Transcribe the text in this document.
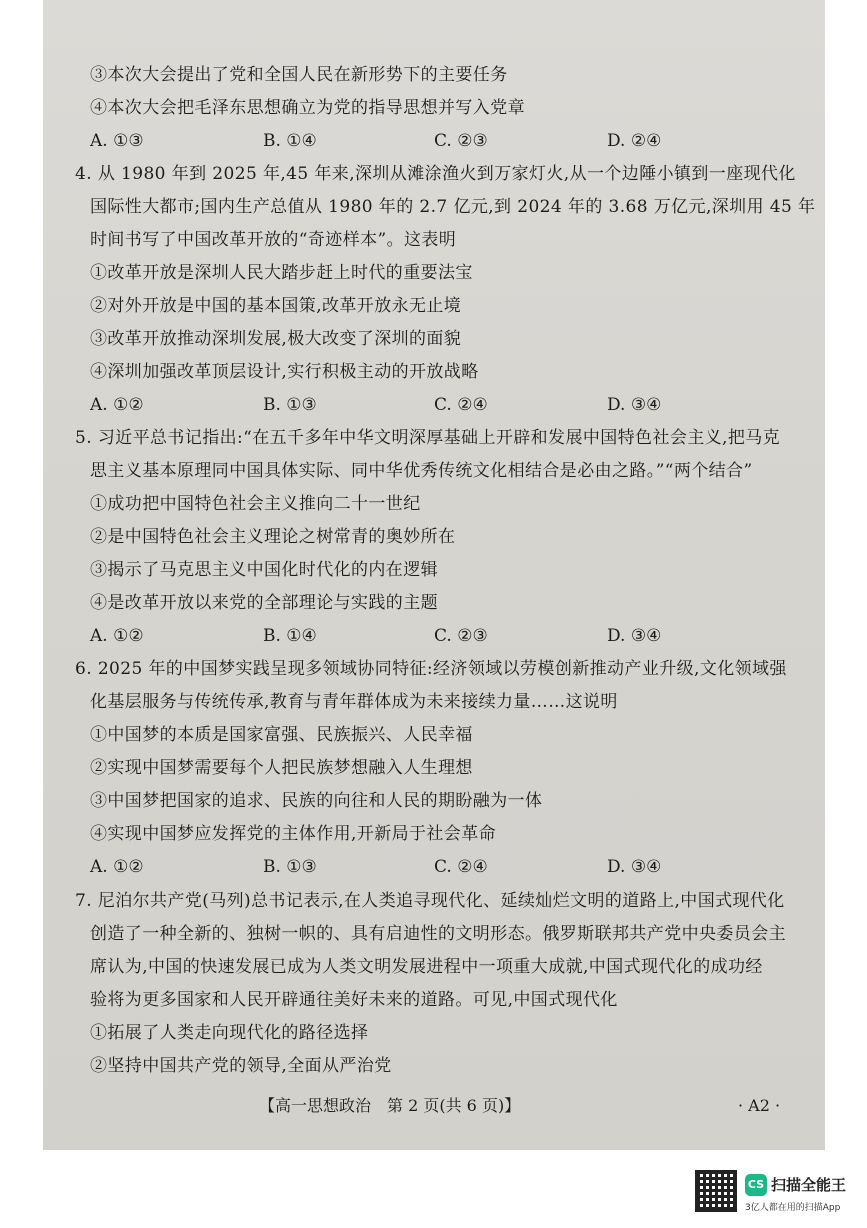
③本次大会提出了党和全国人民在新形势下的主要任务
④本次大会把毛泽东思想确立为党的指导思想并写入党章
A. ①③	B. ①④	C. ②③	D. ②④
4. 从 1980 年到 2025 年,45 年来,深圳从滩涂渔火到万家灯火,从一个边陲小镇到一座现代化
国际性大都市;国内生产总值从 1980 年的 2.7 亿元,到 2024 年的 3.68 万亿元,深圳用 45 年
时间书写了中国改革开放的“奇迹样本”。这表明
①改革开放是深圳人民大踏步赶上时代的重要法宝
②对外开放是中国的基本国策,改革开放永无止境
③改革开放推动深圳发展,极大改变了深圳的面貌
④深圳加强改革顶层设计,实行积极主动的开放战略
A. ①②	B. ①③	C. ②④	D. ③④
5. 习近平总书记指出:“在五千多年中华文明深厚基础上开辟和发展中国特色社会主义,把马克
思主义基本原理同中国具体实际、同中华优秀传统文化相结合是必由之路。”“两个结合”
①成功把中国特色社会主义推向二十一世纪
②是中国特色社会主义理论之树常青的奥妙所在
③揭示了马克思主义中国化时代化的内在逻辑
④是改革开放以来党的全部理论与实践的主题
A. ①②	B. ①④	C. ②③	D. ③④
6. 2025 年的中国梦实践呈现多领域协同特征:经济领域以劳模创新推动产业升级,文化领域强
化基层服务与传统传承,教育与青年群体成为未来接续力量……这说明
①中国梦的本质是国家富强、民族振兴、人民幸福
②实现中国梦需要每个人把民族梦想融入人生理想
③中国梦把国家的追求、民族的向往和人民的期盼融为一体
④实现中国梦应发挥党的主体作用,开新局于社会革命
A. ①②	B. ①③	C. ②④	D. ③④
7. 尼泊尔共产党(马列)总书记表示,在人类追寻现代化、延续灿烂文明的道路上,中国式现代化
创造了一种全新的、独树一帜的、具有启迪性的文明形态。俄罗斯联邦共产党中央委员会主
席认为,中国的快速发展已成为人类文明发展进程中一项重大成就,中国式现代化的成功经
验将为更多国家和人民开辟通往美好未来的道路。可见,中国式现代化
①拓展了人类走向现代化的路径选择
②坚持中国共产党的领导,全面从严治党
【高一思想政治　第 2 页(共 6 页)】	· A2 ·
CS 扫描全能王
3亿人都在用的扫描App
